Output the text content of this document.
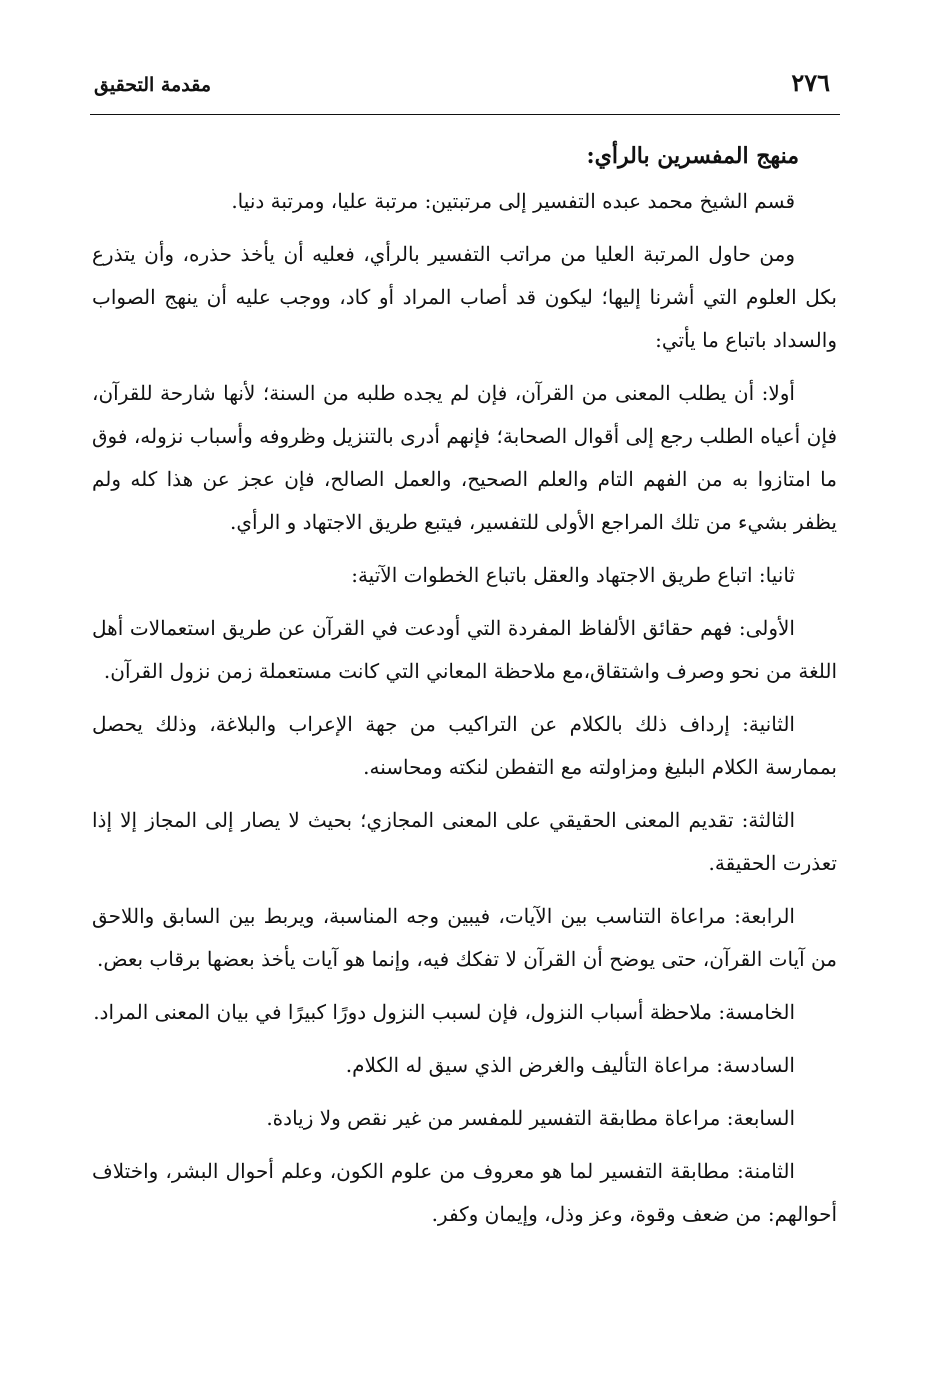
٢٧٦
مقدمة التحقيق
منهج المفسرين بالرأي:

قسم الشيخ محمد عبده التفسير إلى مرتبتين: مرتبة عليا، ومرتبة دنيا.

ومن حاول المرتبة العليا من مراتب التفسير بالرأي، فعليه أن يأخذ حذره، وأن يتذرع بكل العلوم التي أشرنا إليها؛ ليكون قد أصاب المراد أو كاد، ووجب عليه أن ينهج الصواب والسداد باتباع ما يأتي:

أولا: أن يطلب المعنى من القرآن، فإن لم يجده طلبه من السنة؛ لأنها شارحة للقرآن، فإن أعياه الطلب رجع إلى أقوال الصحابة؛ فإنهم أدرى بالتنزيل وظروفه وأسباب نزوله، فوق ما امتازوا به من الفهم التام والعلم الصحيح، والعمل الصالح، فإن عجز عن هذا كله ولم يظفر بشيء من تلك المراجع الأولى للتفسير، فيتبع طريق الاجتهاد و الرأي.

ثانيا: اتباع طريق الاجتهاد والعقل باتباع الخطوات الآتية:

الأولى: فهم حقائق الألفاظ المفردة التي أودعت في القرآن عن طريق استعمالات أهل اللغة من نحو وصرف واشتقاق،مع ملاحظة المعاني التي كانت مستعملة زمن نزول القرآن.

الثانية: إرداف ذلك بالكلام عن التراكيب من جهة الإعراب والبلاغة، وذلك يحصل بممارسة الكلام البليغ ومزاولته مع التفطن لنكته ومحاسنه.

الثالثة: تقديم المعنى الحقيقي على المعنى المجازي؛ بحيث لا يصار إلى المجاز إلا إذا تعذرت الحقيقة.

الرابعة: مراعاة التناسب بين الآيات، فيبين وجه المناسبة، ويربط بين السابق واللاحق من آيات القرآن، حتى يوضح أن القرآن لا تفكك فيه، وإنما هو آيات يأخذ بعضها برقاب بعض.

الخامسة: ملاحظة أسباب النزول، فإن لسبب النزول دورًا كبيرًا في بيان المعنى المراد.

السادسة: مراعاة التأليف والغرض الذي سيق له الكلام.

السابعة: مراعاة مطابقة التفسير للمفسر من غير نقص ولا زيادة.

الثامنة: مطابقة التفسير لما هو معروف من علوم الكون، وعلم أحوال البشر، واختلاف أحوالهم: من ضعف وقوة، وعز وذل، وإيمان وكفر.
